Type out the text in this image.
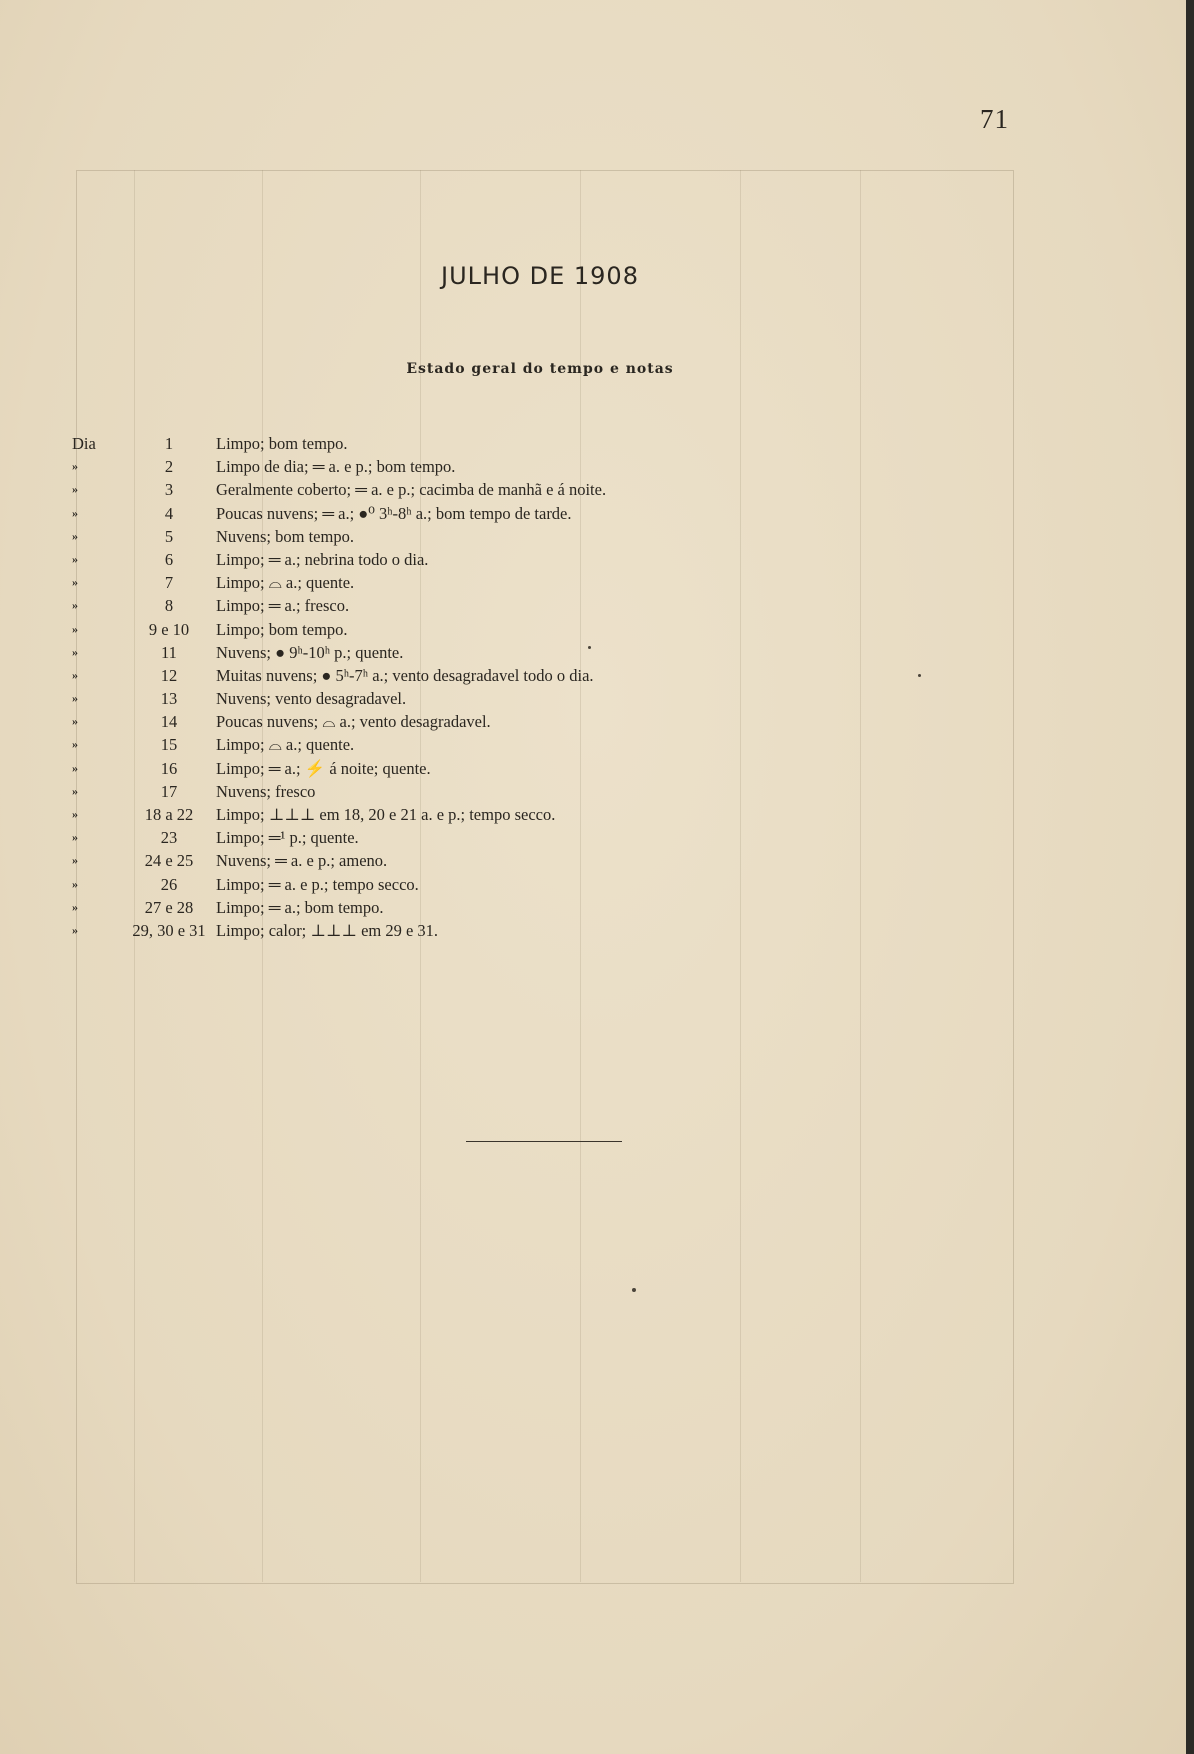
71
JULHO DE 1908
Estado geral do tempo e notas
Dia	1	Limpo; bom tempo.
»	2	Limpo de dia; ═ a. e p.; bom tempo.
»	3	Geralmente coberto; ═ a. e p.; cacimba de manhã e á noite.
»	4	Poucas nuvens; ═ a.; ●⁰ 3ʰ-8ʰ a.; bom tempo de tarde.
»	5	Nuvens; bom tempo.
»	6	Limpo; ═ a.; nebrina todo o dia.
»	7	Limpo; ⌓ a.; quente.
»	8	Limpo; ═ a.; fresco.
»	9 e 10	Limpo; bom tempo.
»	11	Nuvens; ● 9ʰ-10ʰ p.; quente.
»	12	Muitas nuvens; ● 5ʰ-7ʰ a.; vento desagradavel todo o dia.
»	13	Nuvens; vento desagradavel.
»	14	Poucas nuvens; ⌓ a.; vento desagradavel.
»	15	Limpo; ⌓ a.; quente.
»	16	Limpo; ═ a.; ⚡ á noite; quente.
»	17	Nuvens; fresco
»	18 a 22	Limpo; ⊥⊥⊥ em 18, 20 e 21 a. e p.; tempo secco.
»	23	Limpo; ═¹ p.; quente.
»	24 e 25	Nuvens; ═ a. e p.; ameno.
»	26	Limpo; ═ a. e p.; tempo secco.
»	27 e 28	Limpo; ═ a.; bom tempo.
»	29, 30 e 31 Limpo; calor; ⊥⊥⊥ em 29 e 31.
